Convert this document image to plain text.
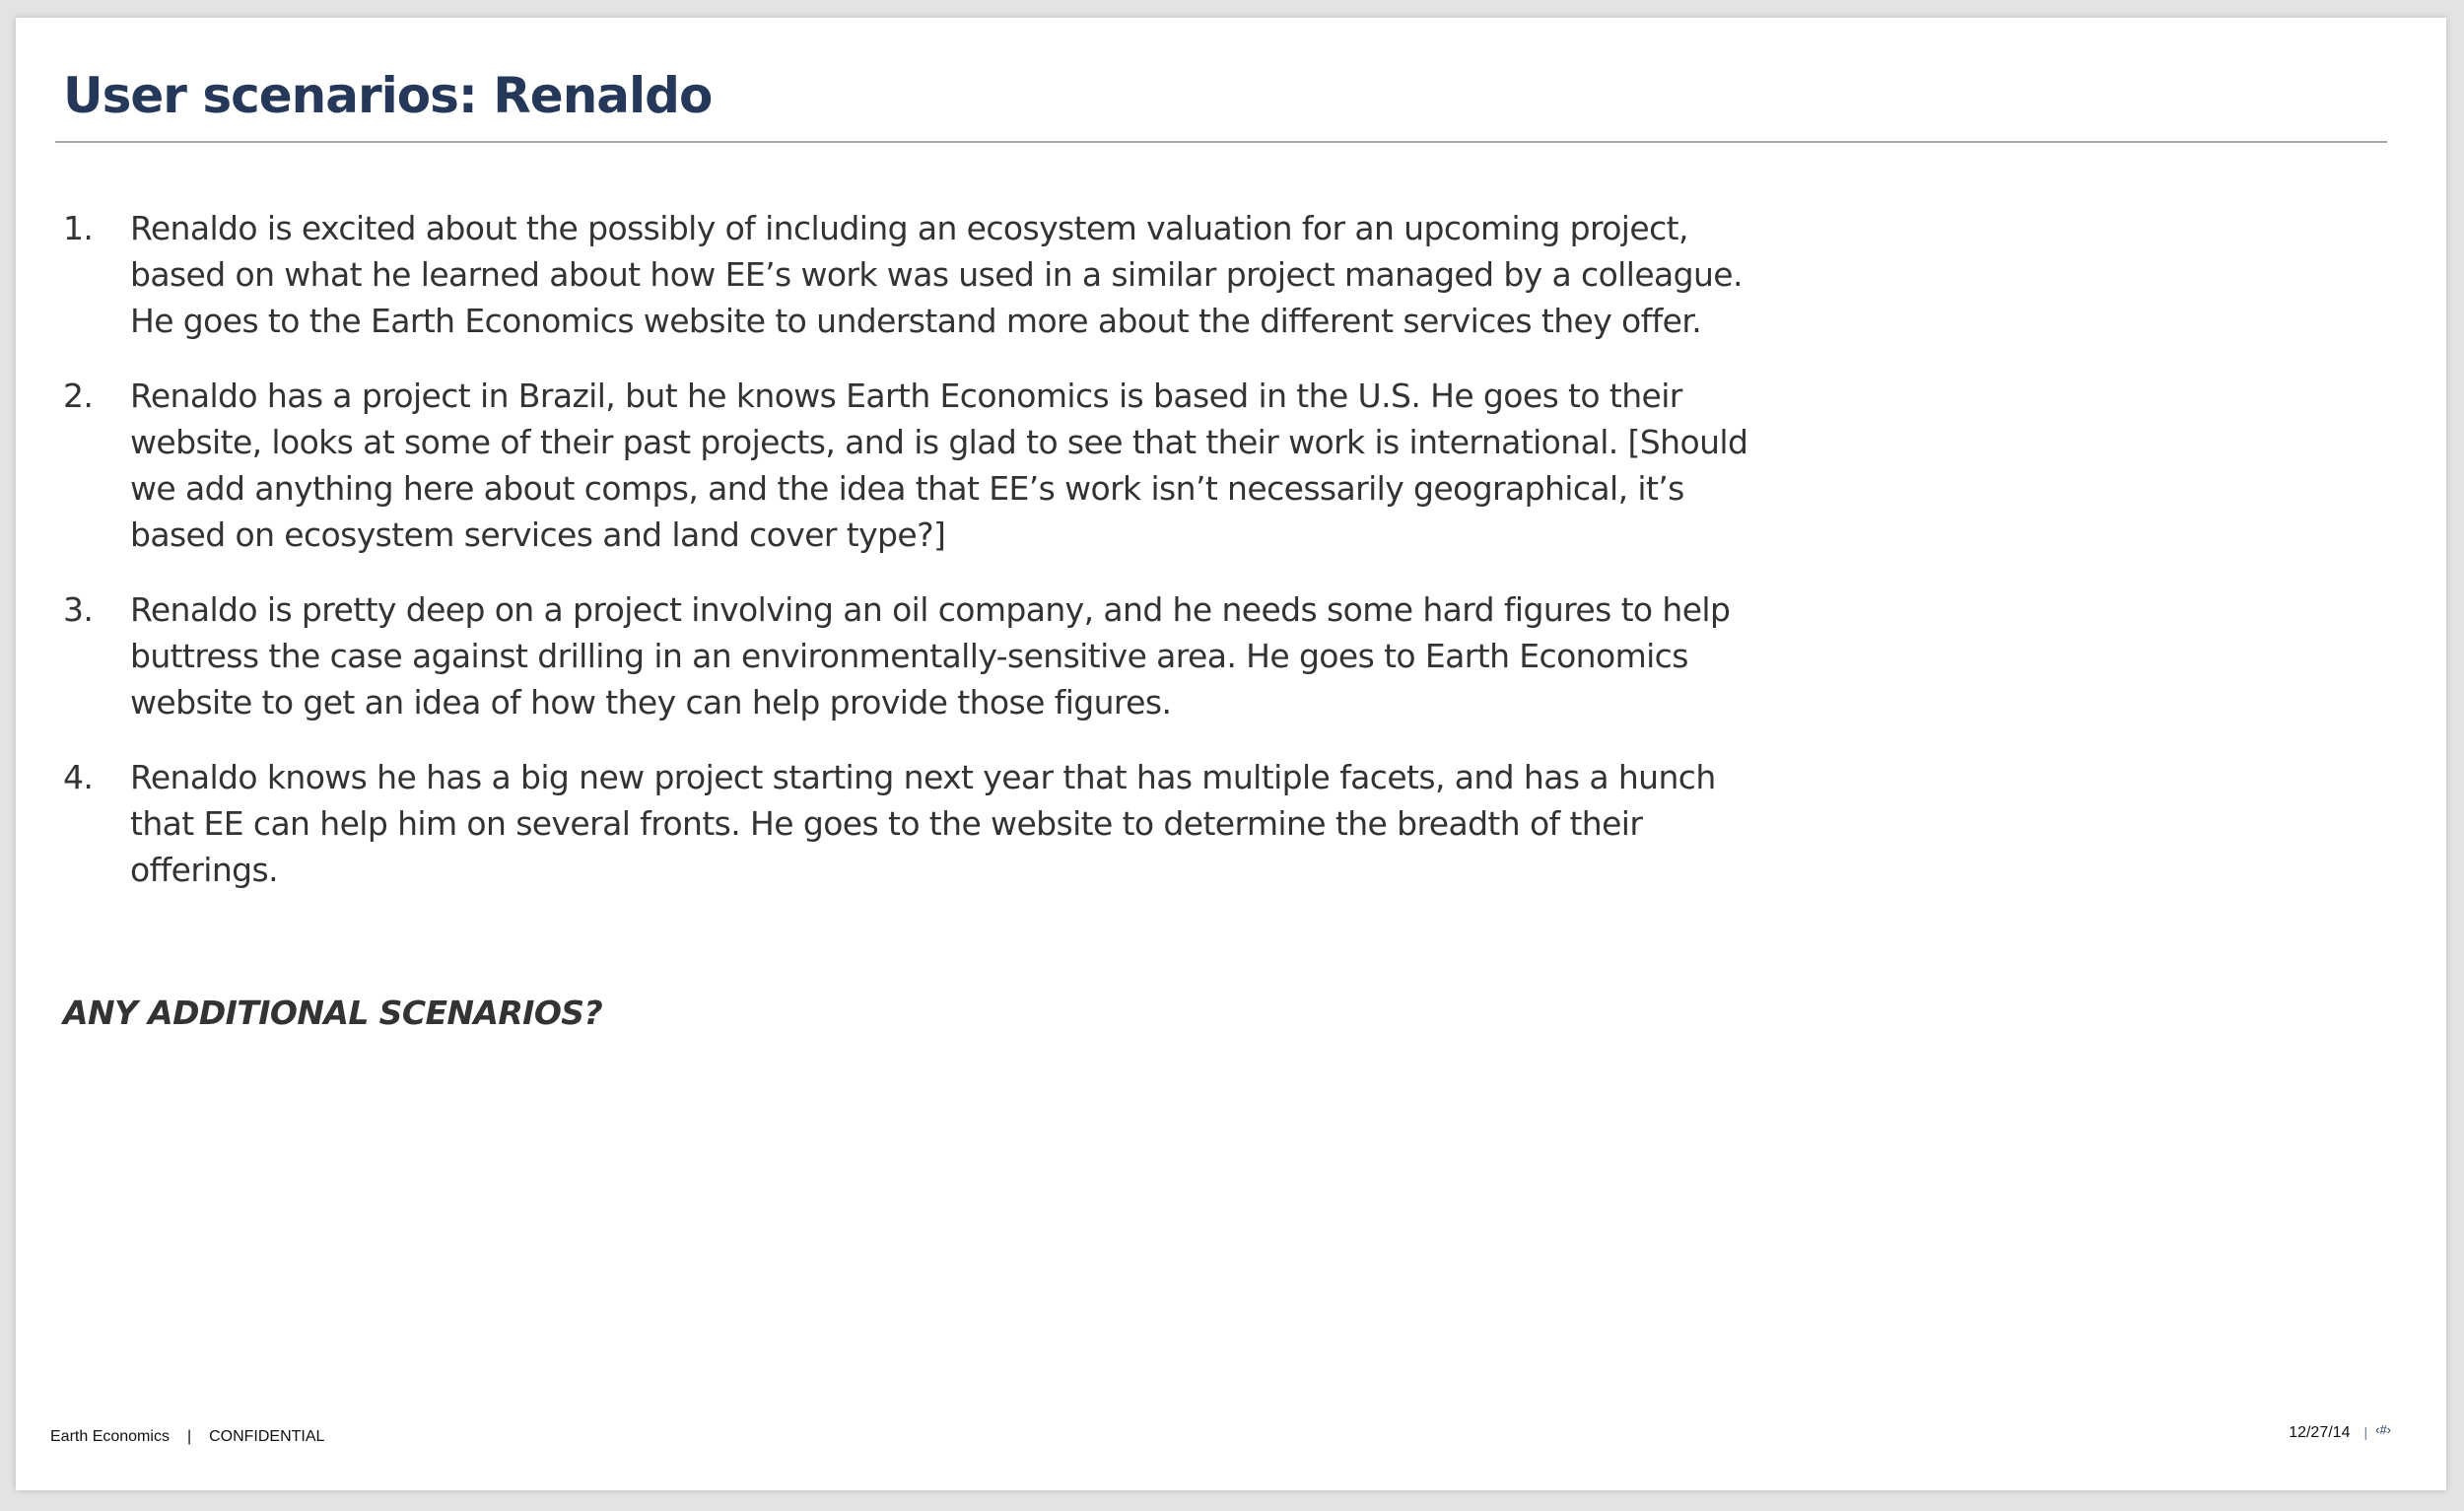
User scenarios: Renaldo
1. Renaldo is excited about the possibly of including an ecosystem valuation for an upcoming project, based on what he learned about how EE’s work was used in a similar project managed by a colleague. He goes to the Earth Economics website to understand more about the different services they offer.
2. Renaldo has a project in Brazil, but he knows Earth Economics is based in the U.S. He goes to their website, looks at some of their past projects, and is glad to see that their work is international. [Should we add anything here about comps, and the idea that EE’s work isn’t necessarily geographical, it’s based on ecosystem services and land cover type?]
3. Renaldo is pretty deep on a project involving an oil company, and he needs some hard figures to help buttress the case against drilling in an environmentally-sensitive area. He goes to Earth Economics website to get an idea of how they can help provide those figures.
4. Renaldo knows he has a big new project starting next year that has multiple facets, and has a hunch that EE can help him on several fronts. He goes to the website to determine the breadth of their offerings.

ANY ADDITIONAL SCENARIOS?

Earth Economics | CONFIDENTIAL	12/27/14 | ‹#›
